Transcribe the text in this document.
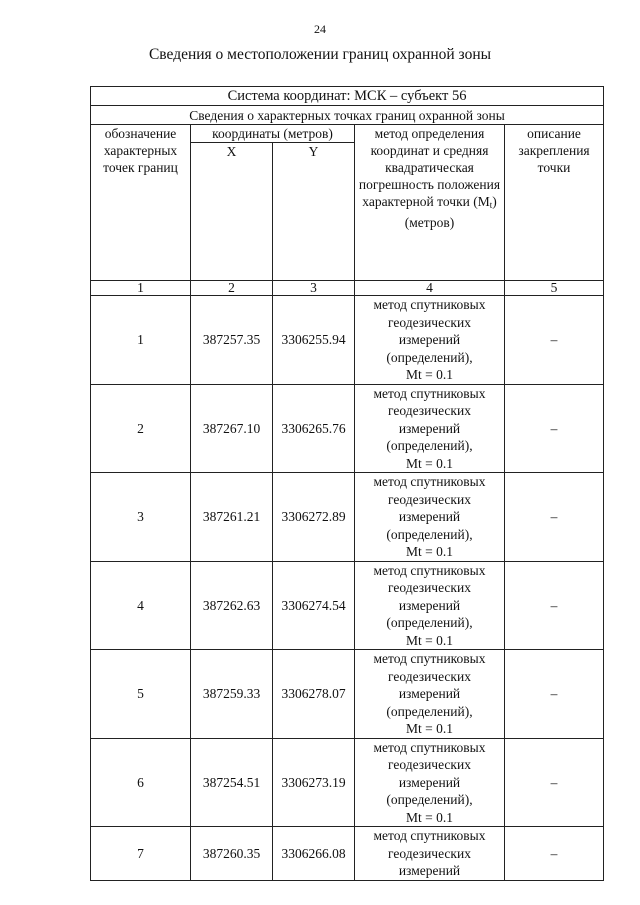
24
Сведения о местоположении границ охранной зоны
Система координат: МСК – субъект 56				
Сведения о характерных точках границ охранной зоны				
обозначение характерных точек границ	координаты (метров)		метод определения координат и средняя квадратическая погрешность положения характерной точки $(M_t)$ (метров)	описание закрепления точки
	X	Y		
1	2	3	4	5
1	387257.35	3306255.94	метод спутниковых
геодезических
измерений
(определений),
Mt = 0.1	–
2	387267.10	3306265.76	метод спутниковых
геодезических
измерений
(определений),
Mt = 0.1	–
3	387261.21	3306272.89	метод спутниковых
геодезических
измерений
(определений),
Mt = 0.1	–
4	387262.63	3306274.54	метод спутниковых
геодезических
измерений
(определений),
Mt = 0.1	–
5	387259.33	3306278.07	метод спутниковых
геодезических
измерений
(определений),
Mt = 0.1	–
6	387254.51	3306273.19	метод спутниковых
геодезических
измерений
(определений),
Mt = 0.1	–
7	387260.35	3306266.08	метод спутниковых
геодезических
измерений	–
